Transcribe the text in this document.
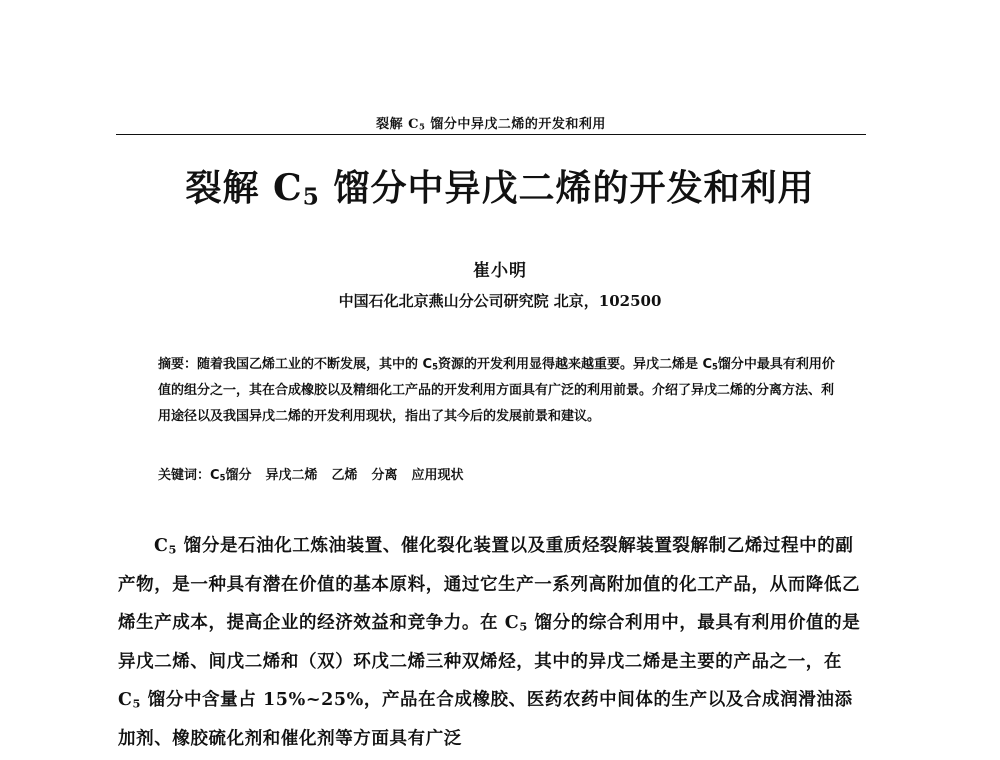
裂解 $C_5$ 馏分中异戊二烯的开发和利用
裂解 $C_5$ 馏分中异戊二烯的开发和利用
崔小明
中国石化北京燕山分公司研究院 北京，102500
摘要：随着我国乙烯工业的不断发展，其中的 $C_5$资源的开发利用显得越来越重要。异戊二烯是 $C_5$馏分中最具有利用价值的组分之一，其在合成橡胶以及精细化工产品的开发利用方面具有广泛的利用前景。介绍了异戊二烯的分离方法、利用途径以及我国异戊二烯的开发利用现状，指出了其今后的发展前景和建议。
关键词：$C_5$馏分 异戊二烯 乙烯 分离 应用现状
$C_5$ 馏分是石油化工炼油装置、催化裂化装置以及重质烃裂解装置裂解制乙烯过程中的副产物，是一种具有潜在价值的基本原料，通过它生产一系列高附加值的化工产品，从而降低乙烯生产成本，提高企业的经济效益和竞争力。在 $C_5$ 馏分的综合利用中，最具有利用价值的是异戊二烯、间戊二烯和（双）环戊二烯三种双烯烃，其中的异戊二烯是主要的产品之一，在 $C_5$ 馏分中含量占 15%~25%，产品在合成橡胶、医药农药中间体的生产以及合成润滑油添加剂、橡胶硫化剂和催化剂等方面具有广泛
